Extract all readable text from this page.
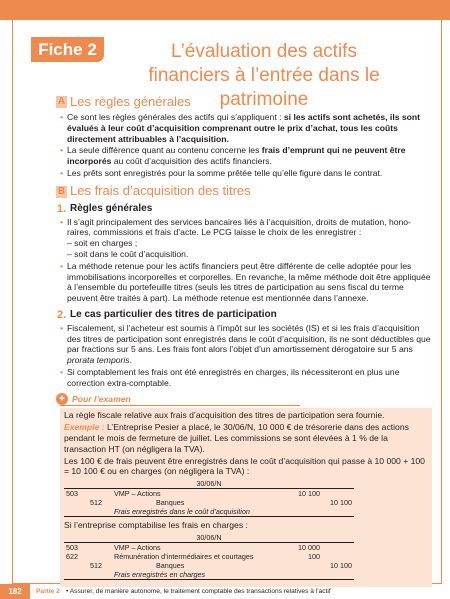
Fiche 2	L’évaluation des actifs
financiers à l’entrée dans le patrimoine
A Les règles générales
• Ce sont les règles générales des actifs qui s’appliquent : si les actifs sont achetés, ils sont évalués à leur coût d’acquisition comprenant outre le prix d’achat, tous les coûts directement attribuables à l’acquisition.
• La seule différence quant au contenu concerne les frais d’emprunt qui ne peuvent être incorporés au coût d’acquisition des actifs financiers.
• Les prêts sont enregistrés pour la somme prêtée telle qu’elle figure dans le contrat.
B Les frais d’acquisition des titres
1. Règles générales
• Il s’agit principalement des services bancaires liés à l’acquisition, droits de mutation, hono-
raires, commissions et frais d’acte. Le PCG laisse le choix de les enregistrer :
– soit en charges ;
– soit dans le coût d’acquisition.
• La méthode retenue pour les actifs financiers peut être différente de celle adoptée pour les immobilisations incorporelles et corporelles. En revanche, la même méthode doit être appliquée à l’ensemble du portefeuille titres (seuls les titres de participation au sens fiscal du terme peuvent être traités à part). La méthode retenue est mentionnée dans l’annexe.
2. Le cas particulier des titres de participation
• Fiscalement, si l’acheteur est soumis à l’impôt sur les sociétés (IS) et si les frais d’acquisition des titres de participation sont enregistrés dans le coût d’acquisition, ils ne sont déductibles que par fractions sur 5 ans. Les frais font alors l’objet d’un amortissement dérogatoire sur 5 ans prorata temporis.
• Si comptablement les frais ont été enregistrés en charges, ils nécessiteront en plus une correction extra-comptable.
✦ Pour l’examen

La règle fiscale relative aux frais d’acquisition des titres de participation sera fournie.

Exemple : L’Entreprise Pesier a placé, le 30/06/N, 10 000 € de trésorerie dans des actions pendant le mois de fermeture de juillet. Les commissions se sont élevées à 1 % de la transaction HT (on négligera la TVA).

Les 100 € de frais peuvent être enregistrés dans le coût d’acquisition qui passe à 10 000 + 100 = 10 100 € ou en charges (on négligera la TVA) :

30/06/N				
503		VMP – Actions	10 100	
	512	Banques		10 100
		Frais enregistrés dans le coût d’acquisition		

Si l’entreprise comptabilise les frais en charges :

30/06/N				
503		VMP – Actions	10 000	
622		Rémunération d’intermédiaires et courtages	100	
	512	Banques		10 100
		Frais enregistrés en charges		
182	Partie 2 • Assurer, de manière autonome, le traitement comptable des transactions relatives à l’actif
